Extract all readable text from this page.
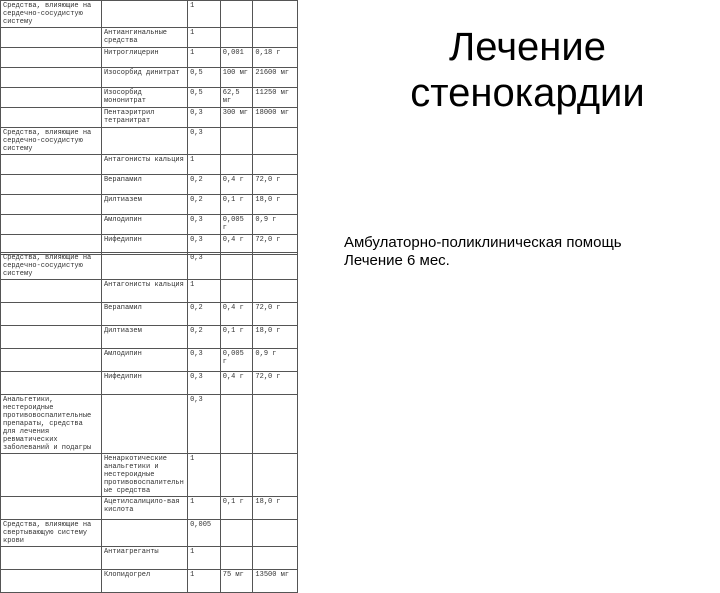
Средства, влияющие на сердечно-сосудистую систему		1		
	Антиангинальные средства	1		
	Нитроглицерин	1	0,001	0,18 г
	Изосорбид динитрат	0,5	100 мг	21600 мг
	Изосорбид мононитрат	0,5	62,5 мг	11250 мг
	Пентаэритрил тетранитрат	0,3	300 мг	18000 мг
Средства, влияющие на сердечно-сосудистую систему		0,3		
	Антагонисты кальция	1		
	Верапамил	0,2	0,4 г	72,0 г
	Дилтиазем	0,2	0,1 г	18,0 г
	Амлодипин	0,3	0,005 г	0,9 г
	Нифедипин	0,3	0,4 г	72,0 г
Средства, влияющие на сердечно-сосудистую систему		0,3		
	Антагонисты кальция	1		
	Верапамил	0,2	0,4 г	72,0 г
	Дилтиазем	0,2	0,1 г	18,0 г
	Амлодипин	0,3	0,005 г	0,9 г
	Нифедипин	0,3	0,4 г	72,0 г
Анальгетики, нестероидные противовоспалительные препараты, средства для лечения ревматических заболеваний и подагры		0,3		
	Ненаркотические анальгетики и нестероидные противовоспалительные средства	1		
	Ацетилсалицило-вая кислота	1	0,1 г	18,0 г
Средства, влияющие на свертывающую систему крови		0,005		
	Антиагреганты	1		
	Клопидогрел	1	75 мг	13500 мг
Лечение
стенокардии
Амбулаторно-поликлиническая помощь
Лечение 6 мес.
